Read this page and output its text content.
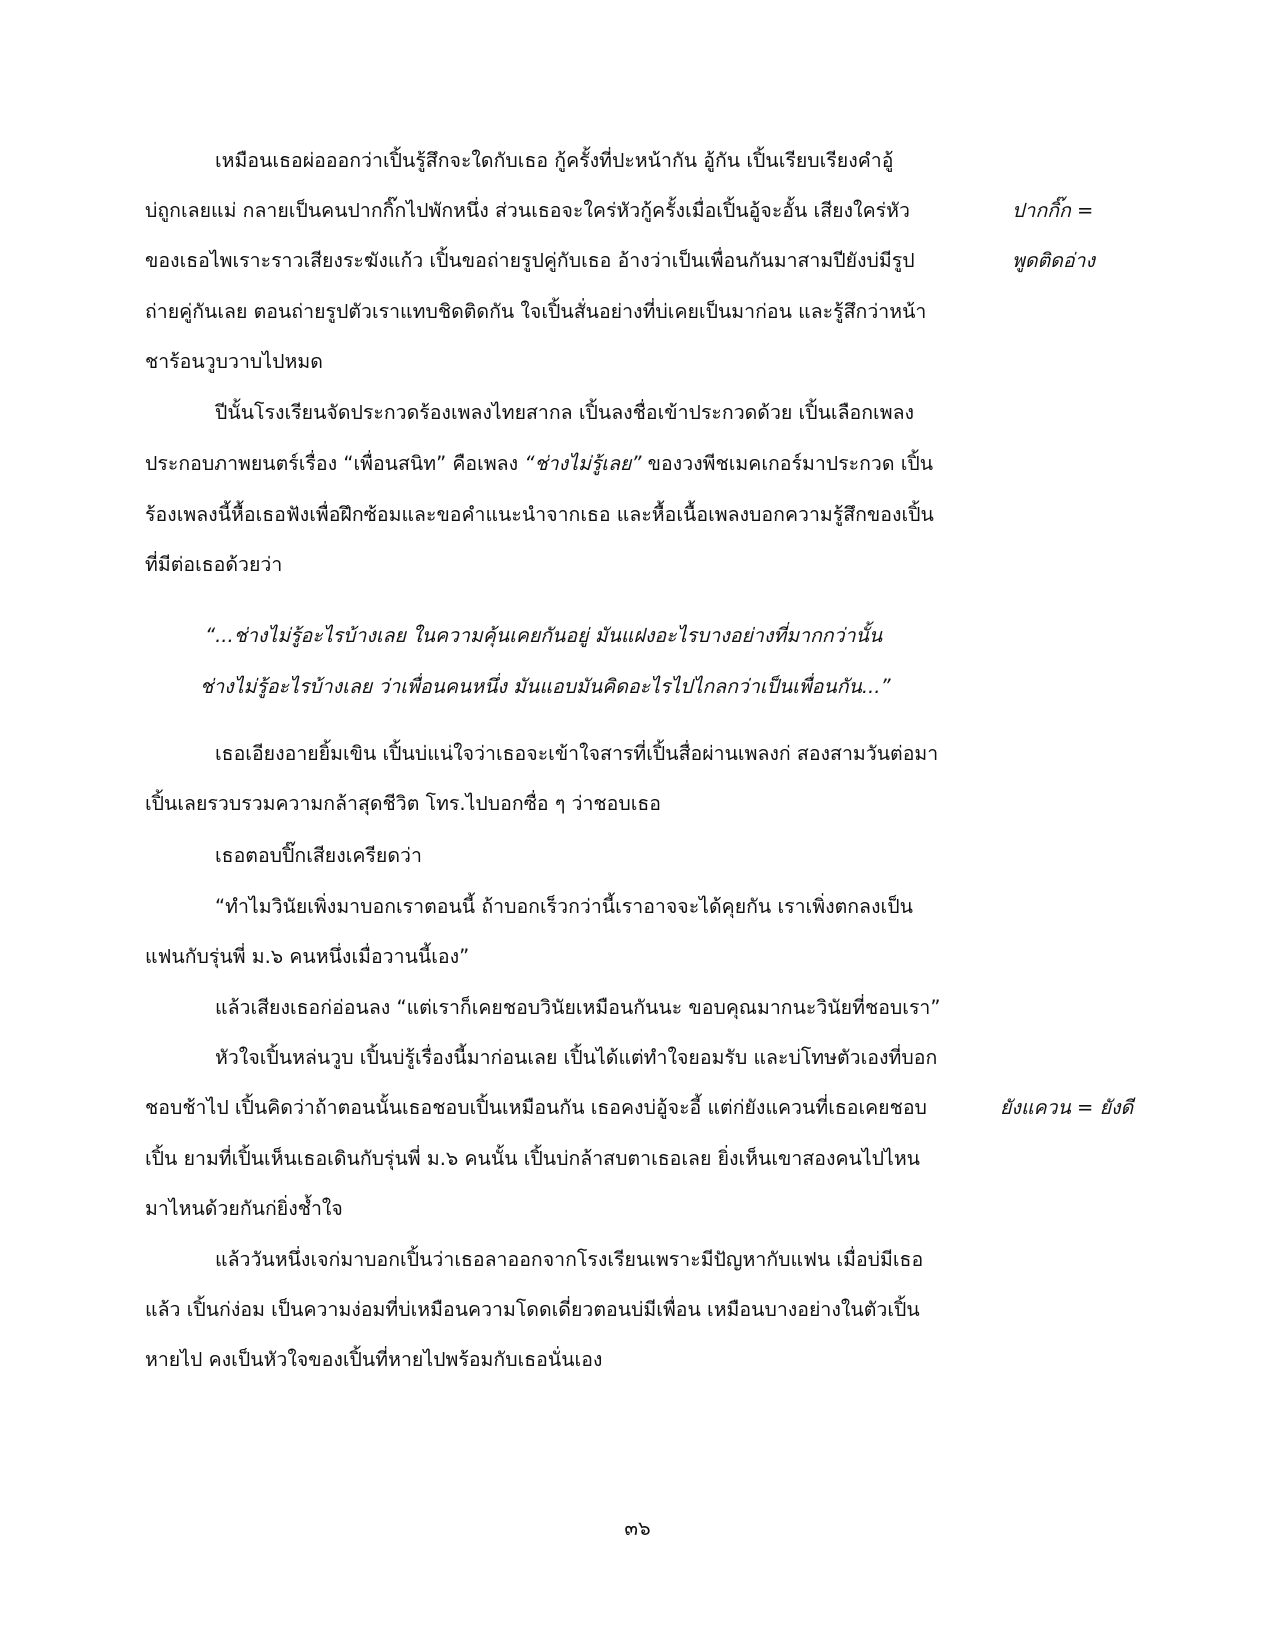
เหมือนเธอผ่อออกว่าเปิ้นรู้สึกจะใดกับเธอ กู้ครั้งที่ปะหน้ากัน อู้กัน เปิ้นเรียบเรียงคำอู้
บ่ถูกเลยแม่ กลายเป็นคนปากกิ๊กไปพักหนึ่ง ส่วนเธอจะใคร่หัวกู้ครั้งเมื่อเปิ้นอู้จะอั้น เสียงใคร่หัว
ของเธอไพเราะราวเสียงระฆังแก้ว เปิ้นขอถ่ายรูปคู่กับเธอ อ้างว่าเป็นเพื่อนกันมาสามปียังบ่มีรูป
ถ่ายคู่กันเลย ตอนถ่ายรูปตัวเราแทบชิดติดกัน ใจเปิ้นสั่นอย่างที่บ่เคยเป็นมาก่อน และรู้สึกว่าหน้า
ชาร้อนวูบวาบไปหมด
ปากกิ๊ก =
พูดติดอ่าง
ปีนั้นโรงเรียนจัดประกวดร้องเพลงไทยสากล เปิ้นลงชื่อเข้าประกวดด้วย เปิ้นเลือกเพลง
ประกอบภาพยนตร์เรื่อง “เพื่อนสนิท” คือเพลง “ช่างไม่รู้เลย” ของวงพีชเมคเกอร์มาประกวด เปิ้น
ร้องเพลงนี้หื้อเธอฟังเพื่อฝึกซ้อมและขอคำแนะนำจากเธอ และหื้อเนื้อเพลงบอกความรู้สึกของเปิ้น
ที่มีต่อเธอด้วยว่า
“...ช่างไม่รู้อะไรบ้างเลย ในความคุ้นเคยกันอยู่ มันแฝงอะไรบางอย่างที่มากกว่านั้น
ช่างไม่รู้อะไรบ้างเลย ว่าเพื่อนคนหนึ่ง มันแอบมันคิดอะไรไปไกลกว่าเป็นเพื่อนกัน...”
เธอเอียงอายยิ้มเขิน เปิ้นบ่แน่ใจว่าเธอจะเข้าใจสารที่เปิ้นสื่อผ่านเพลงก่ สองสามวันต่อมา
เปิ้นเลยรวบรวมความกล้าสุดชีวิต โทร.ไปบอกซื่อ ๆ ว่าชอบเธอ
เธอตอบปิ๊กเสียงเครียดว่า
“ทำไมวินัยเพิ่งมาบอกเราตอนนี้ ถ้าบอกเร็วกว่านี้เราอาจจะได้คุยกัน เราเพิ่งตกลงเป็น
แฟนกับรุ่นพี่ ม.๖ คนหนึ่งเมื่อวานนี้เอง”
แล้วเสียงเธอก่อ่อนลง “แต่เราก็เคยชอบวินัยเหมือนกันนะ ขอบคุณมากนะวินัยที่ชอบเรา”
หัวใจเปิ้นหล่นวูบ เปิ้นบ่รู้เรื่องนี้มาก่อนเลย เปิ้นได้แต่ทำใจยอมรับ และบ่โทษตัวเองที่บอก
ชอบช้าไป เปิ้นคิดว่าถ้าตอนนั้นเธอชอบเปิ้นเหมือนกัน เธอคงบ่อู้จะอี้ แต่ก่ยังแควนที่เธอเคยชอบ
เปิ้น ยามที่เปิ้นเห็นเธอเดินกับรุ่นพี่ ม.๖ คนนั้น เปิ้นบ่กล้าสบตาเธอเลย ยิ่งเห็นเขาสองคนไปไหน
มาไหนด้วยกันก่ยิ่งช้ำใจ
ยังแควน = ยังดี
แล้ววันหนึ่งเจก่มาบอกเปิ้นว่าเธอลาออกจากโรงเรียนเพราะมีปัญหากับแฟน เมื่อบ่มีเธอ
แล้ว เปิ้นก่ง่อม เป็นความง่อมที่บ่เหมือนความโดดเดี่ยวตอนบ่มีเพื่อน เหมือนบางอย่างในตัวเปิ้น
หายไป คงเป็นหัวใจของเปิ้นที่หายไปพร้อมกับเธอนั่นเอง
๓๖
